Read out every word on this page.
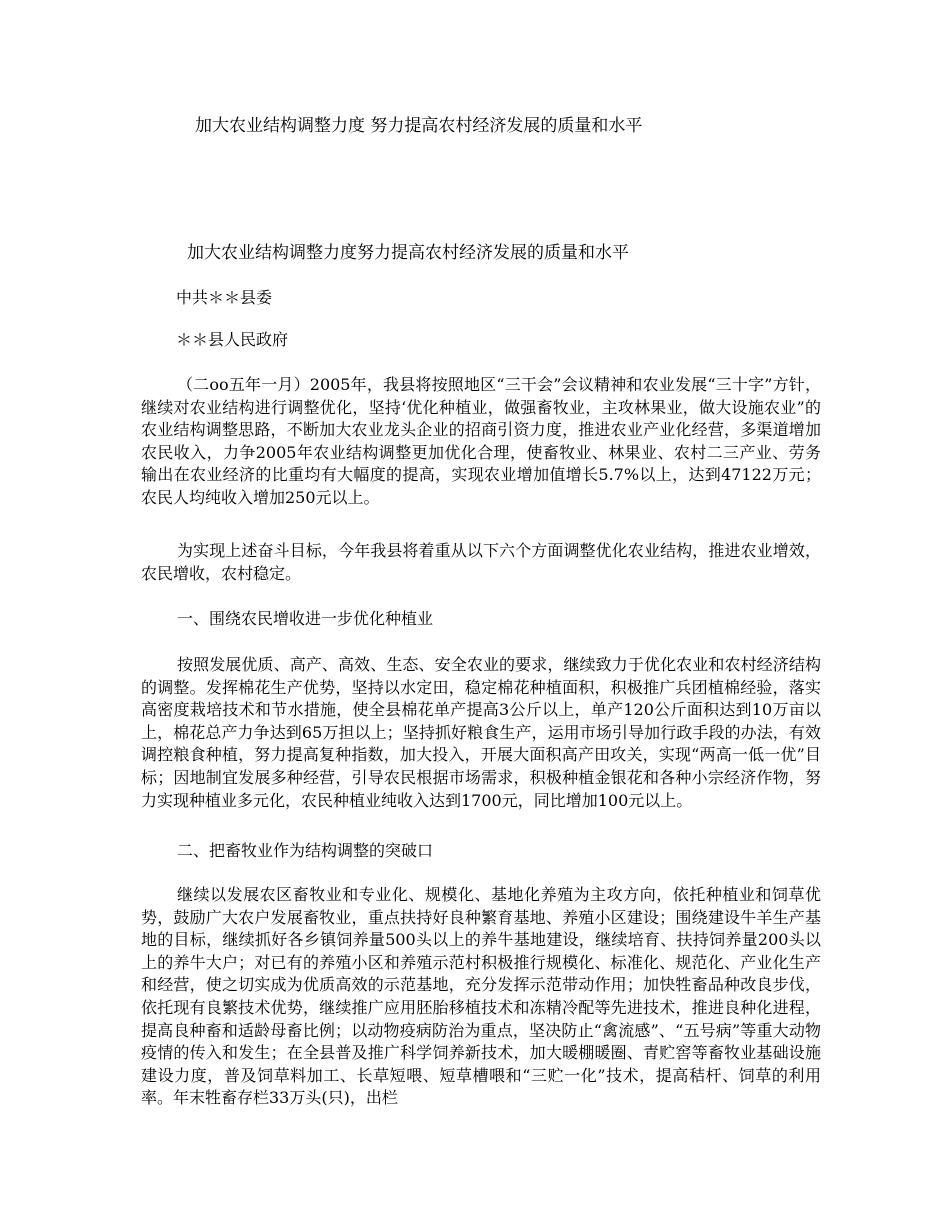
加大农业结构调整力度 努力提高农村经济发展的质量和水平
加大农业结构调整力度努力提高农村经济发展的质量和水平
中共＊＊县委
＊＊县人民政府

（二oo五年一月）2005年，我县将按照地区“三干会”会议精神和农业发展“三十字”方针，继续对农业结构进行调整优化，坚持‘优化种植业，做强畜牧业，主攻林果业，做大设施农业”的农业结构调整思路，不断加大农业龙头企业的招商引资力度，推进农业产业化经营，多渠道增加农民收入，力争2005年农业结构调整更加优化合理，使畜牧业、林果业、农村二三产业、劳务输出在农业经济的比重均有大幅度的提高，实现农业增加值增长5.7%以上，达到47122万元；农民人均纯收入增加250元以上。

为实现上述奋斗目标，今年我县将着重从以下六个方面调整优化农业结构，推进农业增效，农民增收，农村稳定。

一、围绕农民增收进一步优化种植业

按照发展优质、高产、高效、生态、安全农业的要求，继续致力于优化农业和农村经济结构的调整。发挥棉花生产优势，坚持以水定田，稳定棉花种植面积，积极推广兵团植棉经验，落实高密度栽培技术和节水措施，使全县棉花单产提高3公斤以上，单产120公斤面积达到10万亩以上，棉花总产力争达到65万担以上；坚持抓好粮食生产，运用市场引导加行政手段的办法，有效调控粮食种植，努力提高复种指数，加大投入，开展大面积高产田攻关，实现“两高一低一优”目标；因地制宜发展多种经营，引导农民根据市场需求，积极种植金银花和各种小宗经济作物，努力实现种植业多元化，农民种植业纯收入达到1700元，同比增加100元以上。

二、把畜牧业作为结构调整的突破口

继续以发展农区畜牧业和专业化、规模化、基地化养殖为主攻方向，依托种植业和饲草优势，鼓励广大农户发展畜牧业，重点扶持好良种繁育基地、养殖小区建设；围绕建设牛羊生产基地的目标，继续抓好各乡镇饲养量500头以上的养牛基地建设，继续培育、扶持饲养量200头以上的养牛大户；对已有的养殖小区和养殖示范村积极推行规模化、标准化、规范化、产业化生产和经营，使之切实成为优质高效的示范基地，充分发挥示范带动作用；加快牲畜品种改良步伐，依托现有良繁技术优势，继续推广应用胚胎移植技术和冻精冷配等先进技术，推进良种化进程，提高良种畜和适龄母畜比例；以动物疫病防治为重点，坚决防止“禽流感”、“五号病”等重大动物疫情的传入和发生；在全县普及推广科学饲养新技术，加大暖棚暖圈、青贮窖等畜牧业基础设施建设力度，普及饲草料加工、长草短喂、短草槽喂和“三贮一化”技术，提高秸杆、饲草的利用率。年末牲畜存栏33万头(只)，出栏
